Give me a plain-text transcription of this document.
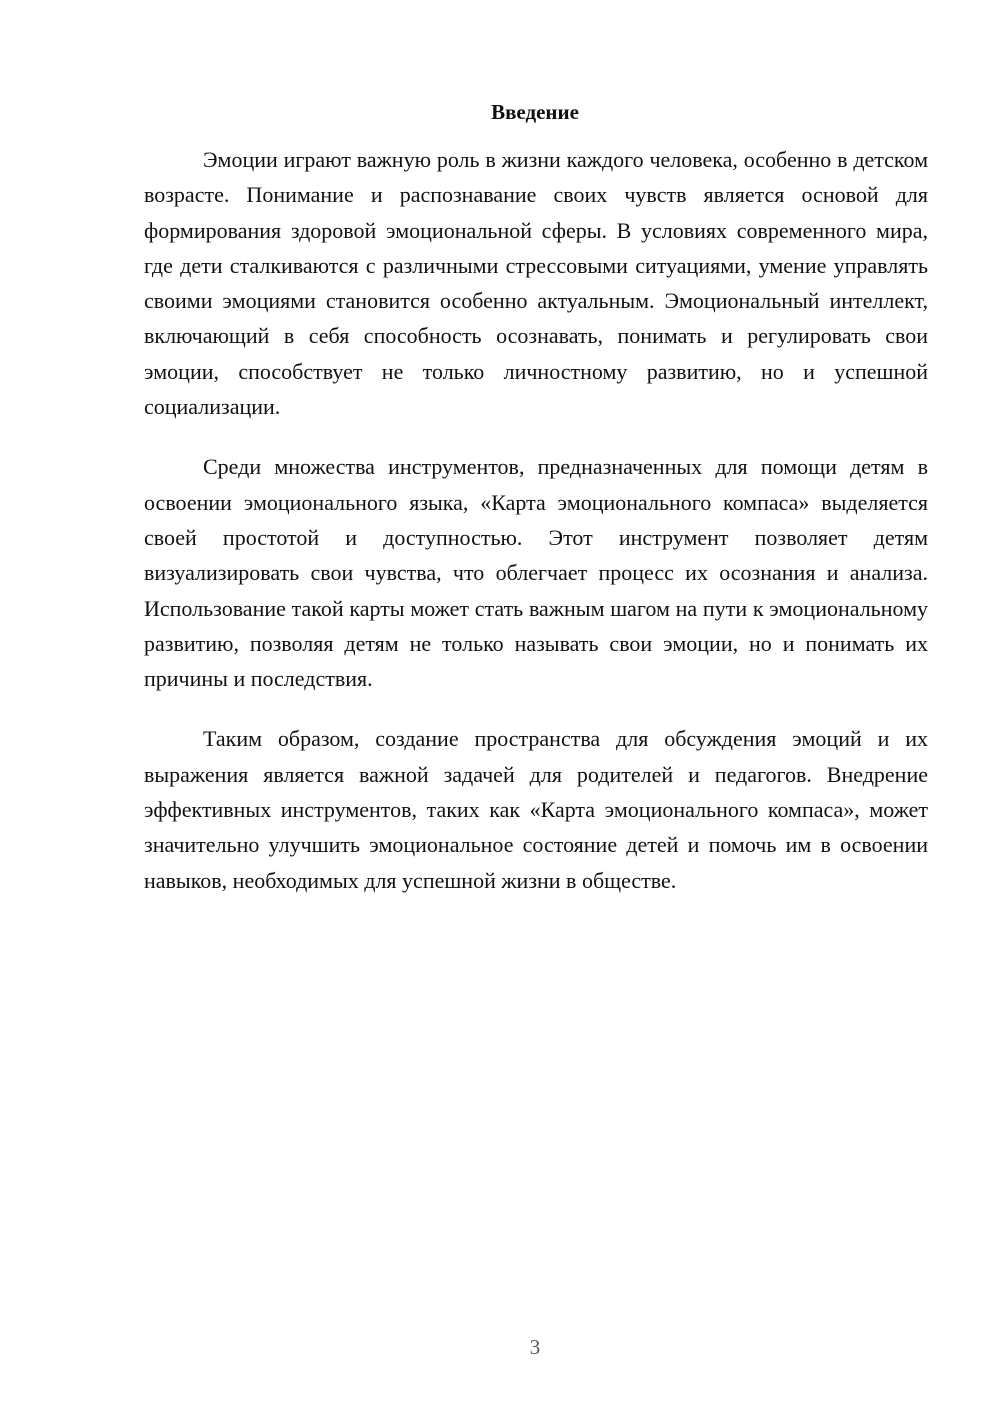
Введение

Эмоции играют важную роль в жизни каждого человека, особенно в детском возрасте. Понимание и распознавание своих чувств является основой для формирования здоровой эмоциональной сферы. В условиях современного мира, где дети сталкиваются с различными стрессовыми ситуациями, умение управлять своими эмоциями становится особенно актуальным. Эмоциональный интеллект, включающий в себя способность осознавать, понимать и регулировать свои эмоции, способствует не только личностному развитию, но и успешной социализации.

Среди множества инструментов, предназначенных для помощи детям в освоении эмоционального языка, «Карта эмоционального компаса» выделяется своей простотой и доступностью. Этот инструмент позволяет детям визуализировать свои чувства, что облегчает процесс их осознания и анализа. Использование такой карты может стать важным шагом на пути к эмоциональному развитию, позволяя детям не только называть свои эмоции, но и понимать их причины и последствия.

Таким образом, создание пространства для обсуждения эмоций и их выражения является важной задачей для родителей и педагогов. Внедрение эффективных инструментов, таких как «Карта эмоционального компаса», может значительно улучшить эмоциональное состояние детей и помочь им в освоении навыков, необходимых для успешной жизни в обществе.

3
